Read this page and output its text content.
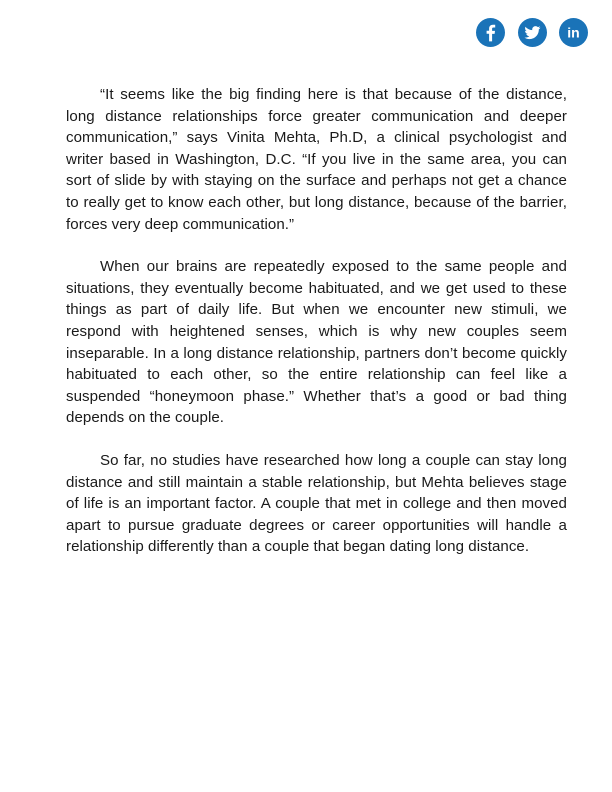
in

“It seems like the big finding here is that because of the distance, long distance relationships force greater communication and deeper communication,” says Vinita Mehta, Ph.D, a clinical psychologist and writer based in Washington, D.C. “If you live in the same area, you can sort of slide by with staying on the surface and perhaps not get a chance to really get to know each other, but long distance, because of the barrier, forces very deep communication.”

When our brains are repeatedly exposed to the same people and situations, they eventually become habituated, and we get used to these things as part of daily life. But when we encounter new stimuli, we respond with heightened senses, which is why new couples seem inseparable. In a long distance relationship, partners don’t become quickly habituated to each other, so the entire relationship can feel like a suspended “honeymoon phase.” Whether that’s a good or bad thing depends on the couple.

So far, no studies have researched how long a couple can stay long distance and still maintain a stable relationship, but Mehta believes stage of life is an important factor. A couple that met in college and then moved apart to pursue graduate degrees or career opportunities will handle a relationship differently than a couple that began dating long distance.
